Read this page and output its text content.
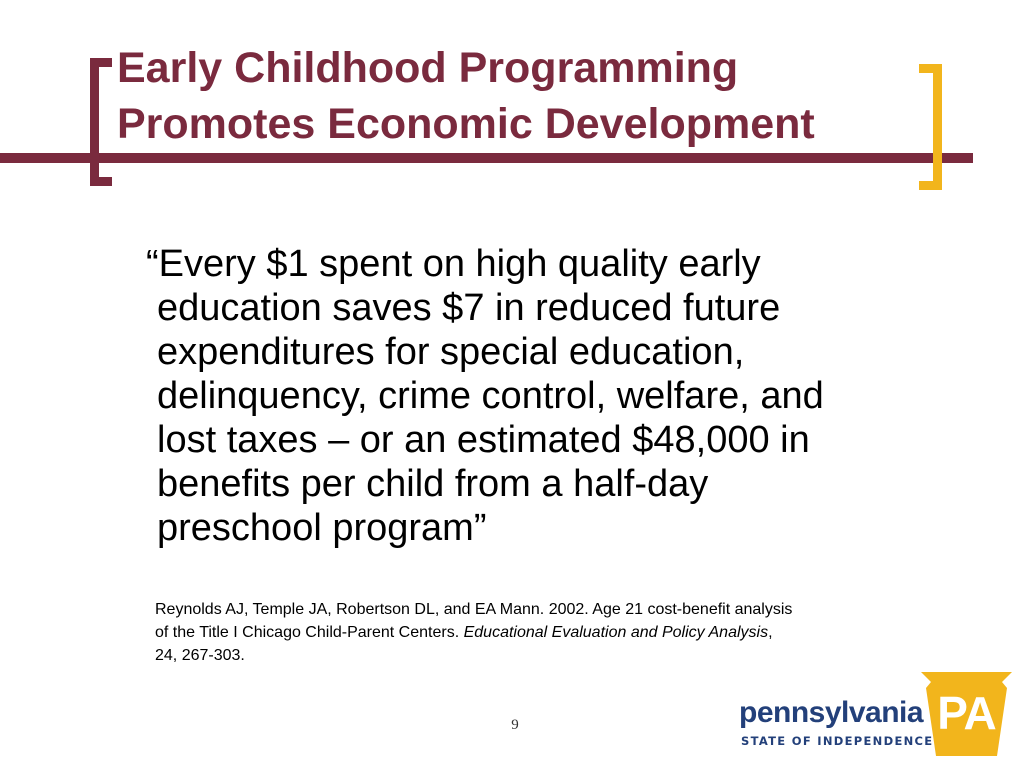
Early Childhood Programming
Promotes Economic Development
“Every $1 spent on high quality early
education saves $7 in reduced future
expenditures for special education,
delinquency, crime control, welfare, and
lost taxes – or an estimated $48,000 in
benefits per child from a half-day
preschool program”
Reynolds AJ, Temple JA, Robertson DL, and EA Mann. 2002. Age 21 cost-benefit analysis
of the Title I Chicago Child-Parent Centers. Educational Evaluation and Policy Analysis,
24, 267-303.
9	pennsylvania
STATE OF INDEPENDENCE
PA
